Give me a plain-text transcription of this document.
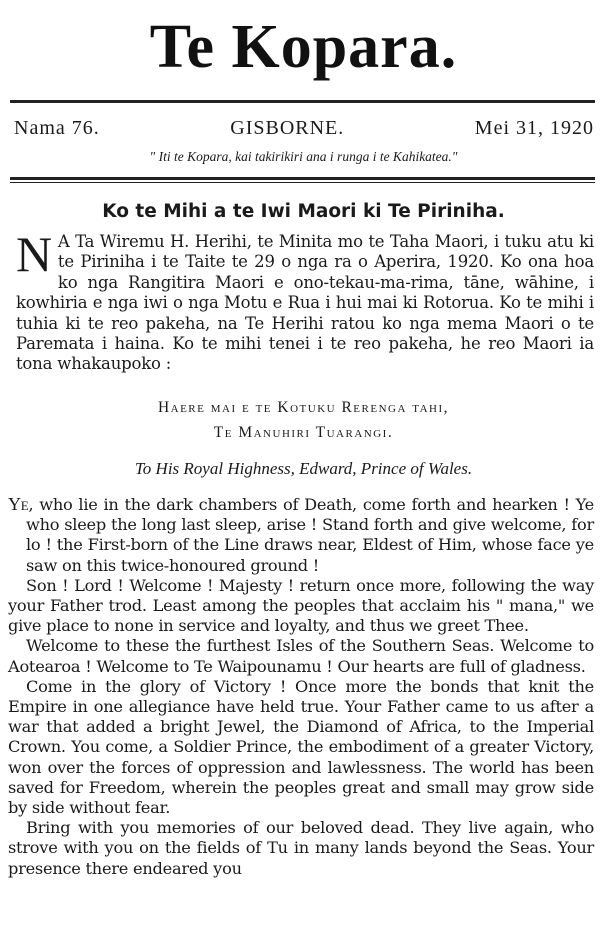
Te Kopara.
Nama 76.	GISBORNE.	Mei 31, 1920
" Iti te Kopara, kai takirikiri ana i runga i te Kahikatea."
Ko te Mihi a te Iwi Maori ki Te Piriniha.
N A Ta Wiremu H. Herihi, te Minita mo te Taha Maori, i tuku atu ki te Piriniha i te Taite te 29 o nga ra o Aperira, 1920. Ko ona hoa ko nga Rangitira Maori e ono-tekau-ma-rima, tāne, wāhine, i kowhiria e nga iwi o nga Motu e Rua i hui mai ki Rotorua. Ko te mihi i tuhia ki te reo pakeha, na Te Herihi ratou ko nga mema Maori o te Paremata i haina. Ko te mihi tenei i te reo pakeha, he reo Maori ia tona whakaupoko :
Haere mai e te Kotuku Rerenga tahi,
Te Manuhiri Tuarangi.
To His Royal Highness, Edward, Prince of Wales.

Ye, who lie in the dark chambers of Death, come forth and hearken ! Ye who sleep the long last sleep, arise ! Stand forth and give welcome, for lo ! the First-born of the Line draws near, Eldest of Him, whose face ye saw on this twice-honoured ground !

Son ! Lord ! Welcome ! Majesty ! return once more, following the way your Father trod. Least among the peoples that acclaim his " mana," we give place to none in service and loyalty, and thus we greet Thee.

Welcome to these the furthest Isles of the Southern Seas. Welcome to Aotearoa ! Welcome to Te Waipounamu ! Our hearts are full of gladness.

Come in the glory of Victory ! Once more the bonds that knit the Empire in one allegiance have held true. Your Father came to us after a war that added a bright Jewel, the Diamond of Africa, to the Imperial Crown. You come, a Soldier Prince, the embodiment of a greater Victory, won over the forces of oppression and lawlessness. The world has been saved for Freedom, wherein the peoples great and small may grow side by side without fear.

Bring with you memories of our beloved dead. They live again, who strove with you on the fields of Tu in many lands beyond the Seas. Your presence there endeared you
